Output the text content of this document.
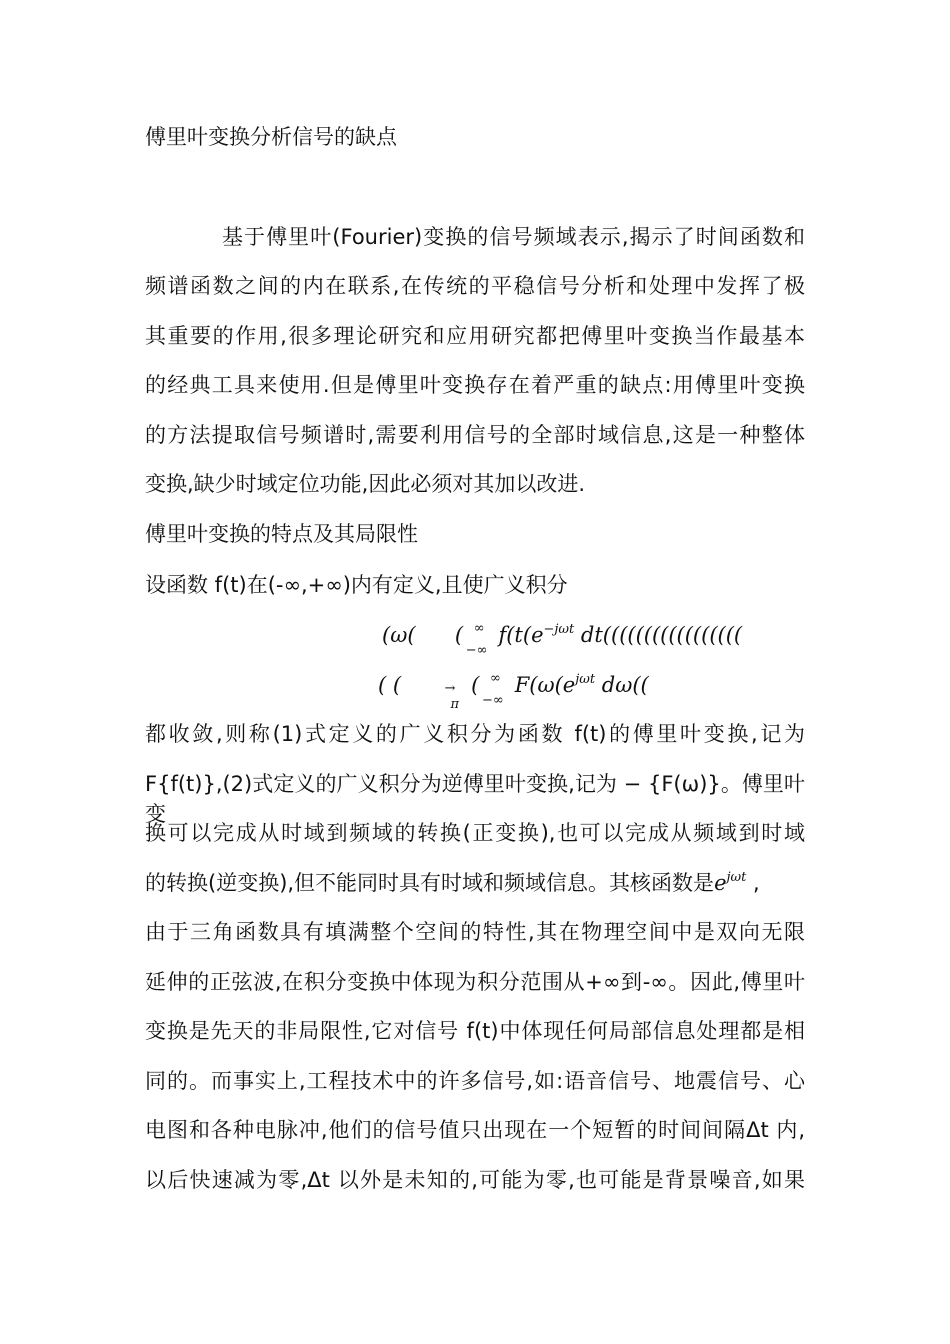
傅里叶变换分析信号的缺点
基于傅里叶(Fourier)变换的信号频域表示,揭示了时间函数和
频谱函数之间的内在联系,在传统的平稳信号分析和处理中发挥了极
其重要的作用,很多理论研究和应用研究都把傅里叶变换当作最基本
的经典工具来使用.但是傅里叶变换存在着严重的缺点:用傅里叶变换
的方法提取信号频谱时,需要利用信号的全部时域信息,这是一种整体
变换,缺少时域定位功能,因此必须对其加以改进.
傅里叶变换的特点及其局限性
设函数 f(t)在(-∞,+∞)内有定义,且使广义积分
(ω( ( ∞
−∞
$f(t(e^{-j\omega t}$ dt(((((((((((((((((
( (	→
π
( ∞
−∞
$F(\omega(e^{j\omega t}$ dω((
都收敛,则称(1)式定义的广义积分为函数 f(t)的傅里叶变换,记为
F{f(t)},(2)式定义的广义积分为逆傅里叶变换,记为 − {F(ω)}。傅里叶变
换可以完成从时域到频域的转换(正变换),也可以完成从频域到时域
的转换(逆变换),但不能同时具有时域和频域信息。其核函数是$e^{j\omega t}$ ,
由于三角函数具有填满整个空间的特性,其在物理空间中是双向无限
延伸的正弦波,在积分变换中体现为积分范围从+∞到-∞。因此,傅里叶
变换是先天的非局限性,它对信号 f(t)中体现任何局部信息处理都是相
同的。而事实上,工程技术中的许多信号,如:语音信号、地震信号、心
电图和各种电脉冲,他们的信号值只出现在一个短暂的时间间隔Δt 内,
以后快速减为零,Δt 以外是未知的,可能为零,也可能是背景噪音,如果
